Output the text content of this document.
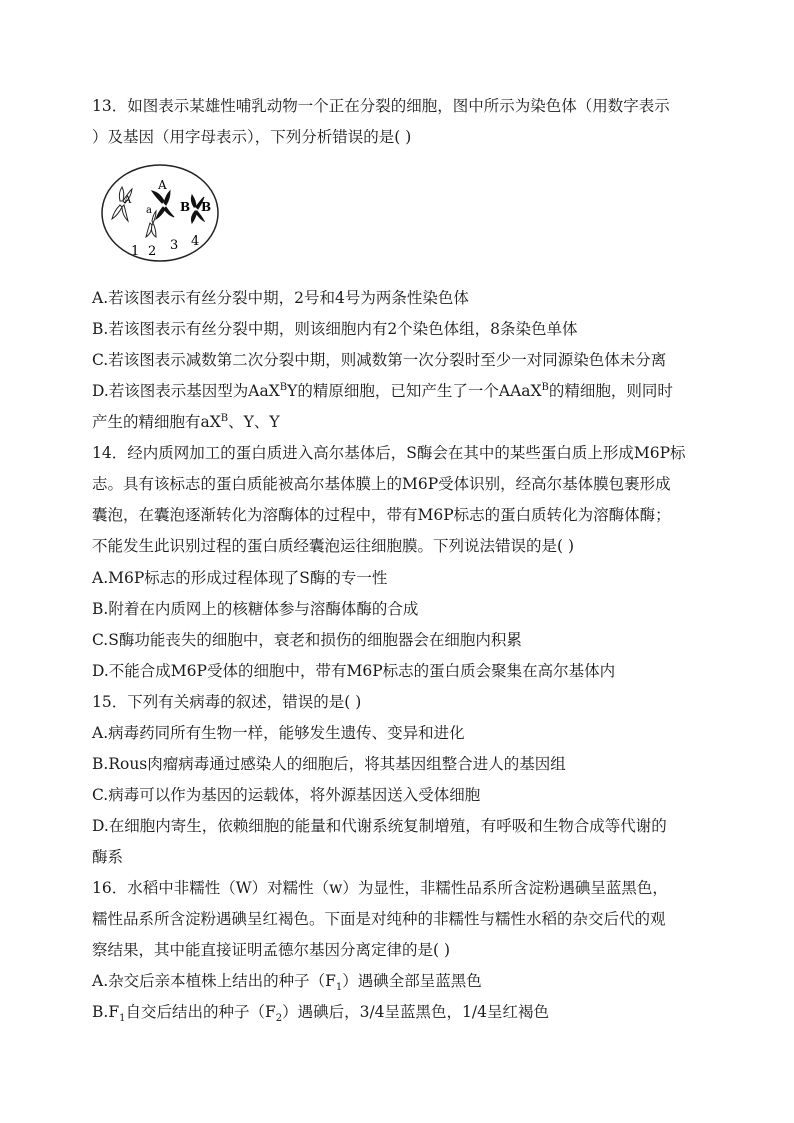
13．如图表示某雄性哺乳动物一个正在分裂的细胞，图中所示为染色体（用数字表示
）及基因（用字母表示），下列分析错误的是( )
A
A
a B B
1 2 3 4
A.若该图表示有丝分裂中期，2号和4号为两条性染色体
B.若该图表示有丝分裂中期，则该细胞内有2个染色体组，8条染色单体
C.若该图表示减数第二次分裂中期，则减数第一次分裂时至少一对同源染色体未分离
D.若该图表示基因型为AaX$^B$Y的精原细胞，已知产生了一个AAaX$^B$的精细胞，则同时
产生的精细胞有$aX^B$、Y、Y
14．经内质网加工的蛋白质进入高尔基体后，S酶会在其中的某些蛋白质上形成M6P标
志。具有该标志的蛋白质能被高尔基体膜上的M6P受体识别，经高尔基体膜包裹形成
囊泡，在囊泡逐渐转化为溶酶体的过程中，带有M6P标志的蛋白质转化为溶酶体酶；
不能发生此识别过程的蛋白质经囊泡运往细胞膜。下列说法错误的是( )
A.M6P标志的形成过程体现了S酶的专一性
B.附着在内质网上的核糖体参与溶酶体酶的合成
C.S酶功能丧失的细胞中，衰老和损伤的细胞器会在细胞内积累
D.不能合成M6P受体的细胞中，带有M6P标志的蛋白质会聚集在高尔基体内
15．下列有关病毒的叙述，错误的是( )
A.病毒药同所有生物一样，能够发生遗传、变异和进化
B.Rous肉瘤病毒通过感染人的细胞后，将其基因组整合进人的基因组
C.病毒可以作为基因的运载体，将外源基因送入受体细胞
D.在细胞内寄生，依赖细胞的能量和代谢系统复制增殖，有呼吸和生物合成等代谢的
酶系
16．水稻中非糯性（W）对糯性（w）为显性，非糯性品系所含淀粉遇碘呈蓝黑色，
糯性品系所含淀粉遇碘呈红褐色。下面是对纯种的非糯性与糯性水稻的杂交后代的观
察结果，其中能直接证明孟德尔基因分离定律的是( )
A.杂交后亲本植株上结出的种子$(F_1)$遇碘全部呈蓝黑色
$B.F_1$自交后结出的种子$(F_2)$遇碘后，3/4呈蓝黑色，1/4呈红褐色
